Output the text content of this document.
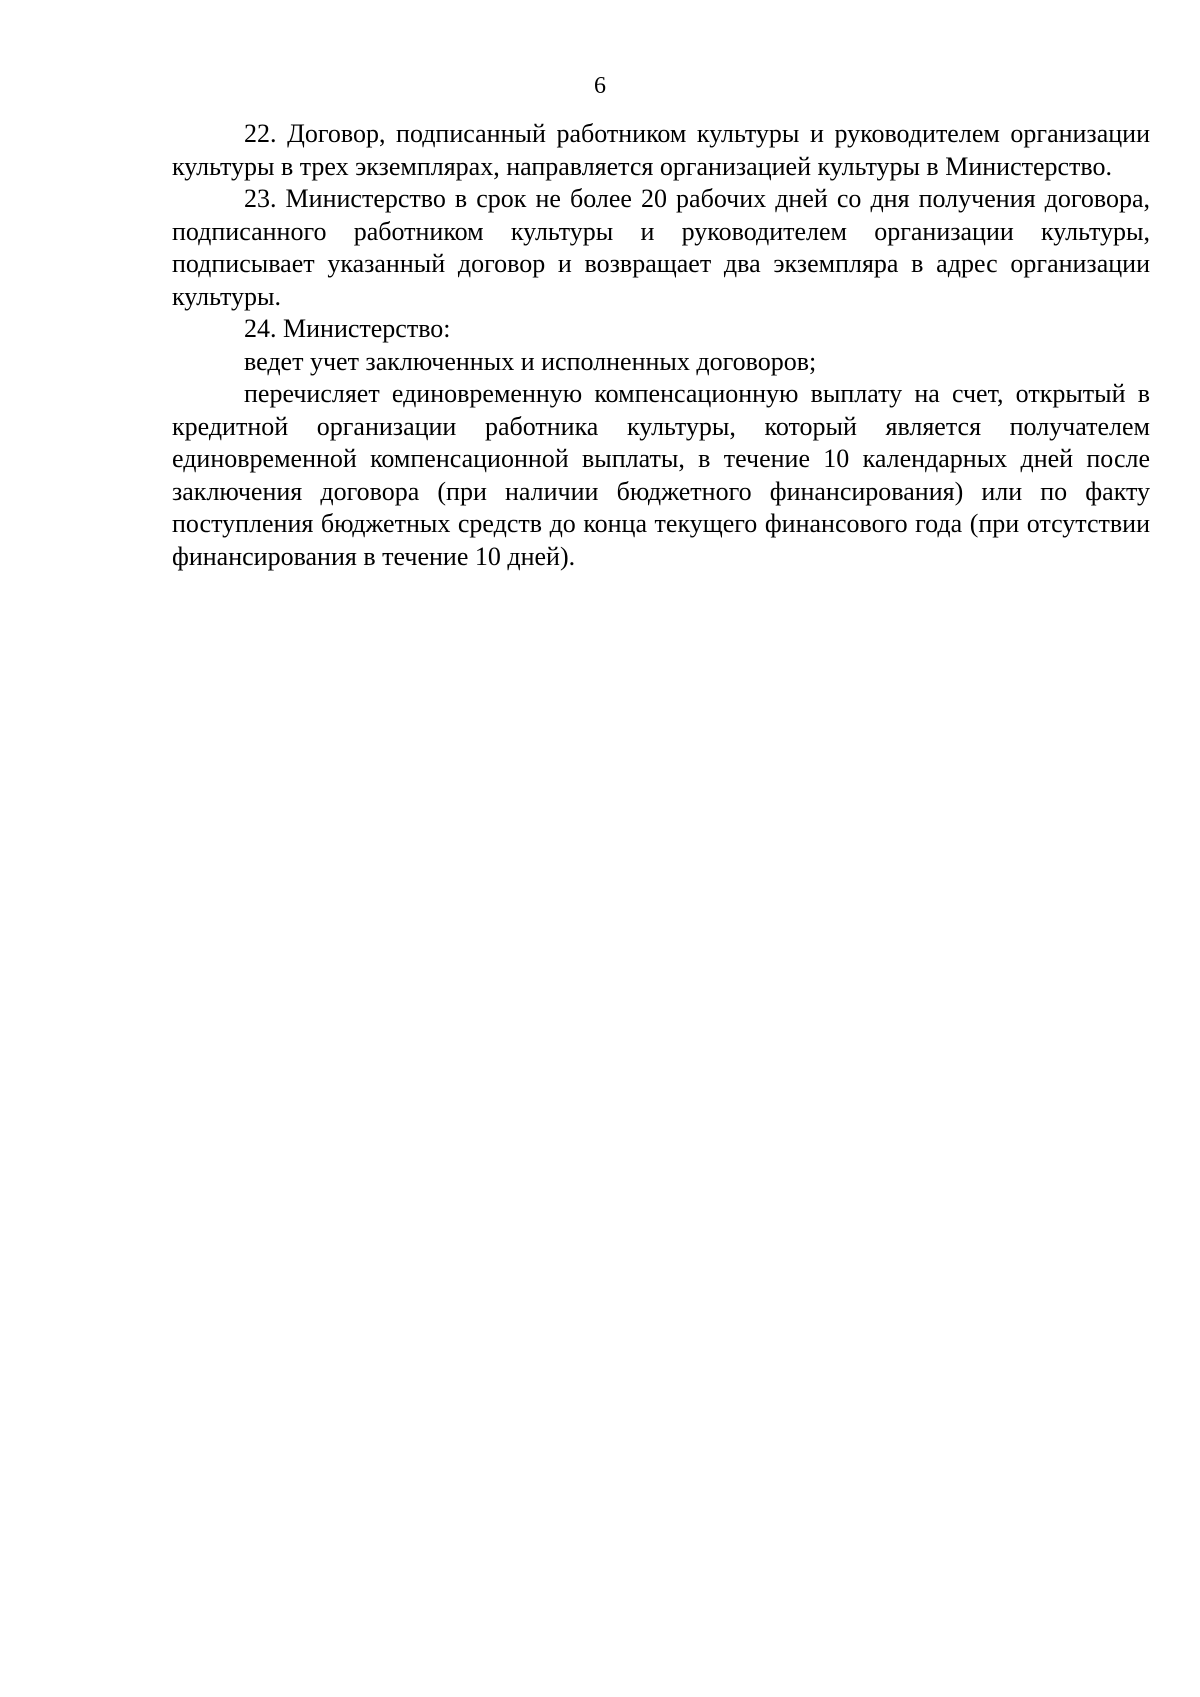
6

22. Договор, подписанный работником культуры и руководителем организации культуры в трех экземплярах, направляется организацией культуры в Министерство.

23. Министерство в срок не более 20 рабочих дней со дня получения договора, подписанного работником культуры и руководителем организации культуры, подписывает указанный договор и возвращает два экземпляра в адрес организации культуры.

24. Министерство:

ведет учет заключенных и исполненных договоров;

перечисляет единовременную компенсационную выплату на счет, открытый в кредитной организации работника культуры, который является получателем единовременной компенсационной выплаты, в течение 10 календарных дней после заключения договора (при наличии бюджетного финансирования) или по факту поступления бюджетных средств до конца текущего финансового года (при отсутствии финансирования в течение 10 дней).
